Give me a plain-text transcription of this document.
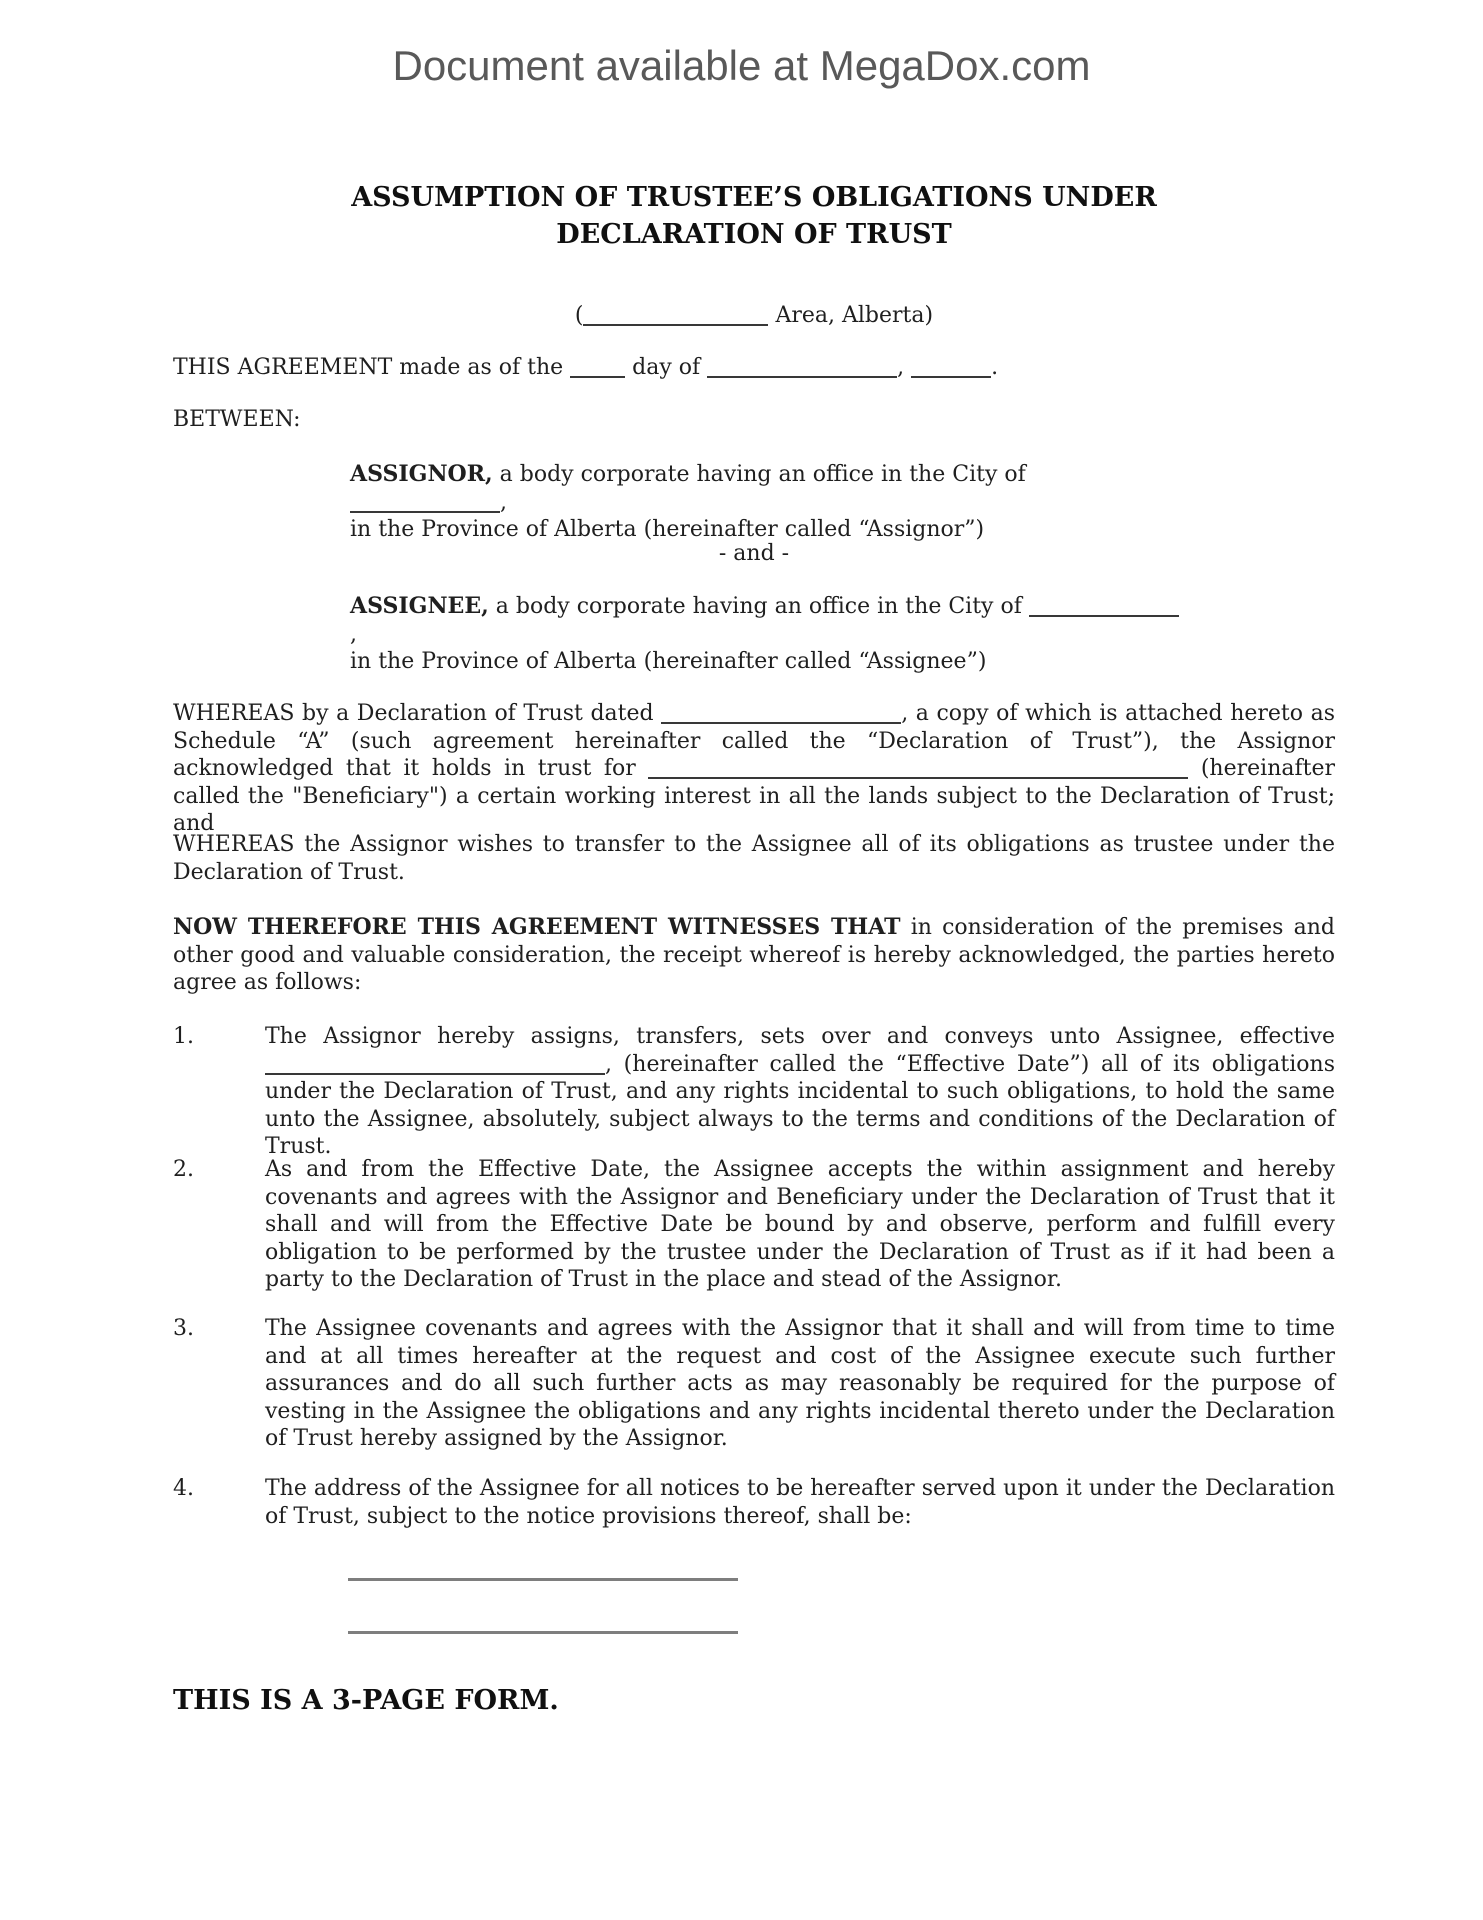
Document available at MegaDox.com
ASSUMPTION OF TRUSTEE’S OBLIGATIONS UNDER
DECLARATION OF TRUST
(	Area, Alberta)
THIS AGREEMENT made as of the	day of	,	.
BETWEEN:
ASSIGNOR, a body corporate having an office in the City of ,
in the Province of Alberta (hereinafter called “Assignor”)
- and -
ASSIGNEE, a body corporate having an office in the City of ,
in the Province of Alberta (hereinafter called “Assignee”)
WHEREAS by a Declaration of Trust dated	, a copy of which is attached hereto as Schedule “A” (such agreement hereinafter called the “Declaration of Trust”), the Assignor acknowledged that it holds in trust for	(hereinafter called the "Beneficiary") a certain working interest in all the lands subject to the Declaration of Trust; and
WHEREAS the Assignor wishes to transfer to the Assignee all of its obligations as trustee under the Declaration of Trust.
NOW THEREFORE THIS AGREEMENT WITNESSES THAT in consideration of the premises and other good and valuable consideration, the receipt whereof is hereby acknowledged, the parties hereto agree as follows:
1.	The Assignor hereby assigns, transfers, sets over and conveys unto Assignee, effective , (hereinafter called the “Effective Date”) all of its obligations under the Declaration of Trust, and any rights incidental to such obligations, to hold the same unto the Assignee, absolutely, subject always to the terms and conditions of the Declaration of Trust.
2.	As and from the Effective Date, the Assignee accepts the within assignment and hereby covenants and agrees with the Assignor and Beneficiary under the Declaration of Trust that it shall and will from the Effective Date be bound by and observe, perform and fulfill every obligation to be performed by the trustee under the Declaration of Trust as if it had been a party to the Declaration of Trust in the place and stead of the Assignor.
3.	The Assignee covenants and agrees with the Assignor that it shall and will from time to time and at all times hereafter at the request and cost of the Assignee execute such further assurances and do all such further acts as may reasonably be required for the purpose of vesting in the Assignee the obligations and any rights incidental thereto under the Declaration of Trust hereby assigned by the Assignor.
4.	The address of the Assignee for all notices to be hereafter served upon it under the Declaration of Trust, subject to the notice provisions thereof, shall be:
THIS IS A 3-PAGE FORM.
